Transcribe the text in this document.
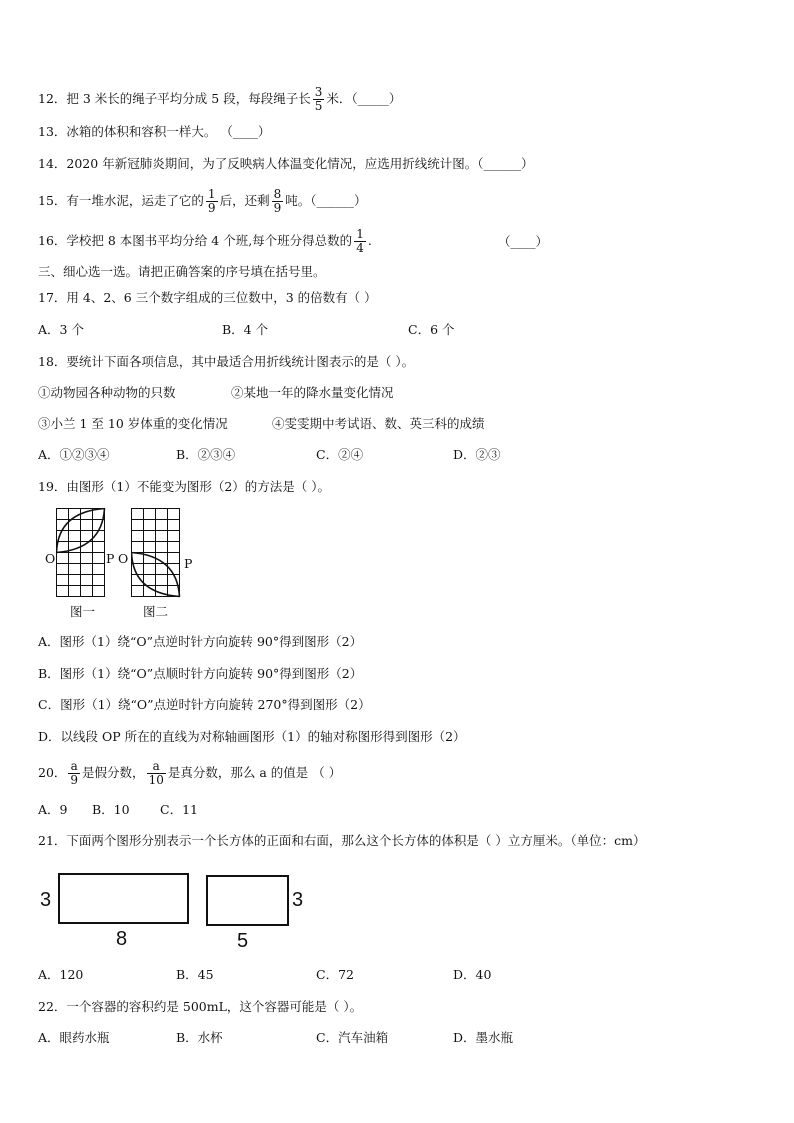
12．把 3 米长的绳子平均分成 5 段，每段绳子长 $\frac{3}{5}$ 米．（_____）
13．冰箱的体积和容积一样大。 （____）
14．2020 年新冠肺炎期间，为了反映病人体温变化情况，应选用折线统计图。（______）
15．有一堆水泥，运走了它的 $\frac{1}{9}$ 后，还剩 $\frac{8}{9}$ 吨。（______）
16．学校把 8 本图书平均分给 4 个班,每个班分得总数的 $\frac{1}{4}$ .	（____）
三、细心选一选。请把正确答案的序号填在括号里。
17．用 4、2、6 三个数字组成的三位数中，3 的倍数有（ ）
A．3 个	B．4 个	C．6 个
18．要统计下面各项信息，其中最适合用折线统计图表示的是（ ）。
①动物园各种动物的只数	②某地一年的降水量变化情况
③小兰 1 至 10 岁体重的变化情况	④雯雯期中考试语、数、英三科的成绩
A．①②③④	B．②③④	C．②④	D．②③
19．由图形（1）不能变为图形（2）的方法是（ ）。
O	P
图一
O	P
图二
A．图形（1）绕“O”点逆时针方向旋转 90°得到图形（2）
B．图形（1）绕“O”点顺时针方向旋转 90°得到图形（2）
C．图形（1）绕“O”点逆时针方向旋转 270°得到图形（2）
D．以线段 OP 所在的直线为对称轴画图形（1）的轴对称图形得到图形（2）
20． $\frac{a}{9}$ 是假分数， $\frac{a}{10}$ 是真分数，那么 a 的值是 （ ）
A．9 B．10 C．11
21．下面两个图形分别表示一个长方体的正面和右面，那么这个长方体的体积是（ ）立方厘米。（单位：cm）
3
8
3
5
A．120	B．45	C．72	D．40
22．一个容器的容积约是 500mL，这个容器可能是（ ）。
A．眼药水瓶	B．水杯	C．汽车油箱	D．墨水瓶
